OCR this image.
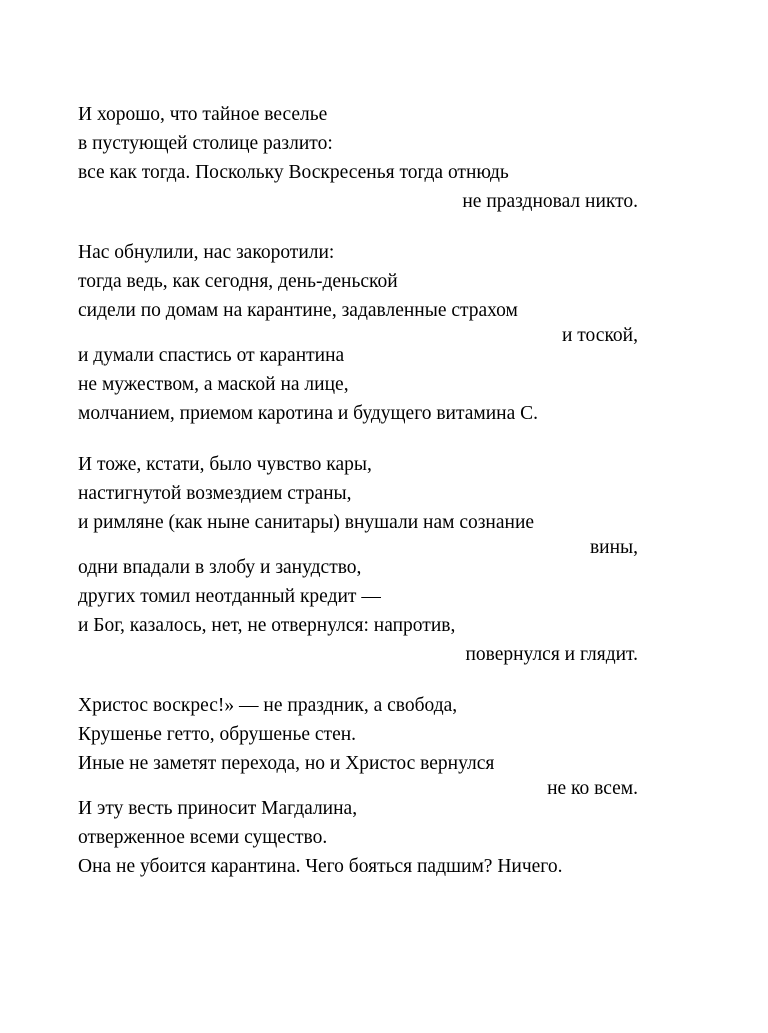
И хорошо, что тайное веселье
в пустующей столице разлито:
все как тогда. Поскольку Воскресенья тогда отнюдь
не праздновал никто.
Нас обнулили, нас закоротили:
тогда ведь, как сегодня, день-деньской
сидели по домам на карантине, задавленные страхом
и тоской,
и думали спастись от карантина
не мужеством, а маской на лице,
молчанием, приемом каротина и будущего витамина С.
И тоже, кстати, было чувство кары,
настигнутой возмездием страны,
и римляне (как ныне санитары) внушали нам сознание
вины,
одни впадали в злобу и занудство,
других томил неотданный кредит —
и Бог, казалось, нет, не отвернулся: напротив,
повернулся и глядит.
Христос воскрес!» — не праздник, а свобода,
Крушенье гетто, обрушенье стен.
Иные не заметят перехода, но и Христос вернулся
не ко всем.
И эту весть приносит Магдалина,
отверженное всеми существо.
Она не убоится карантина. Чего бояться падшим? Ничего.
